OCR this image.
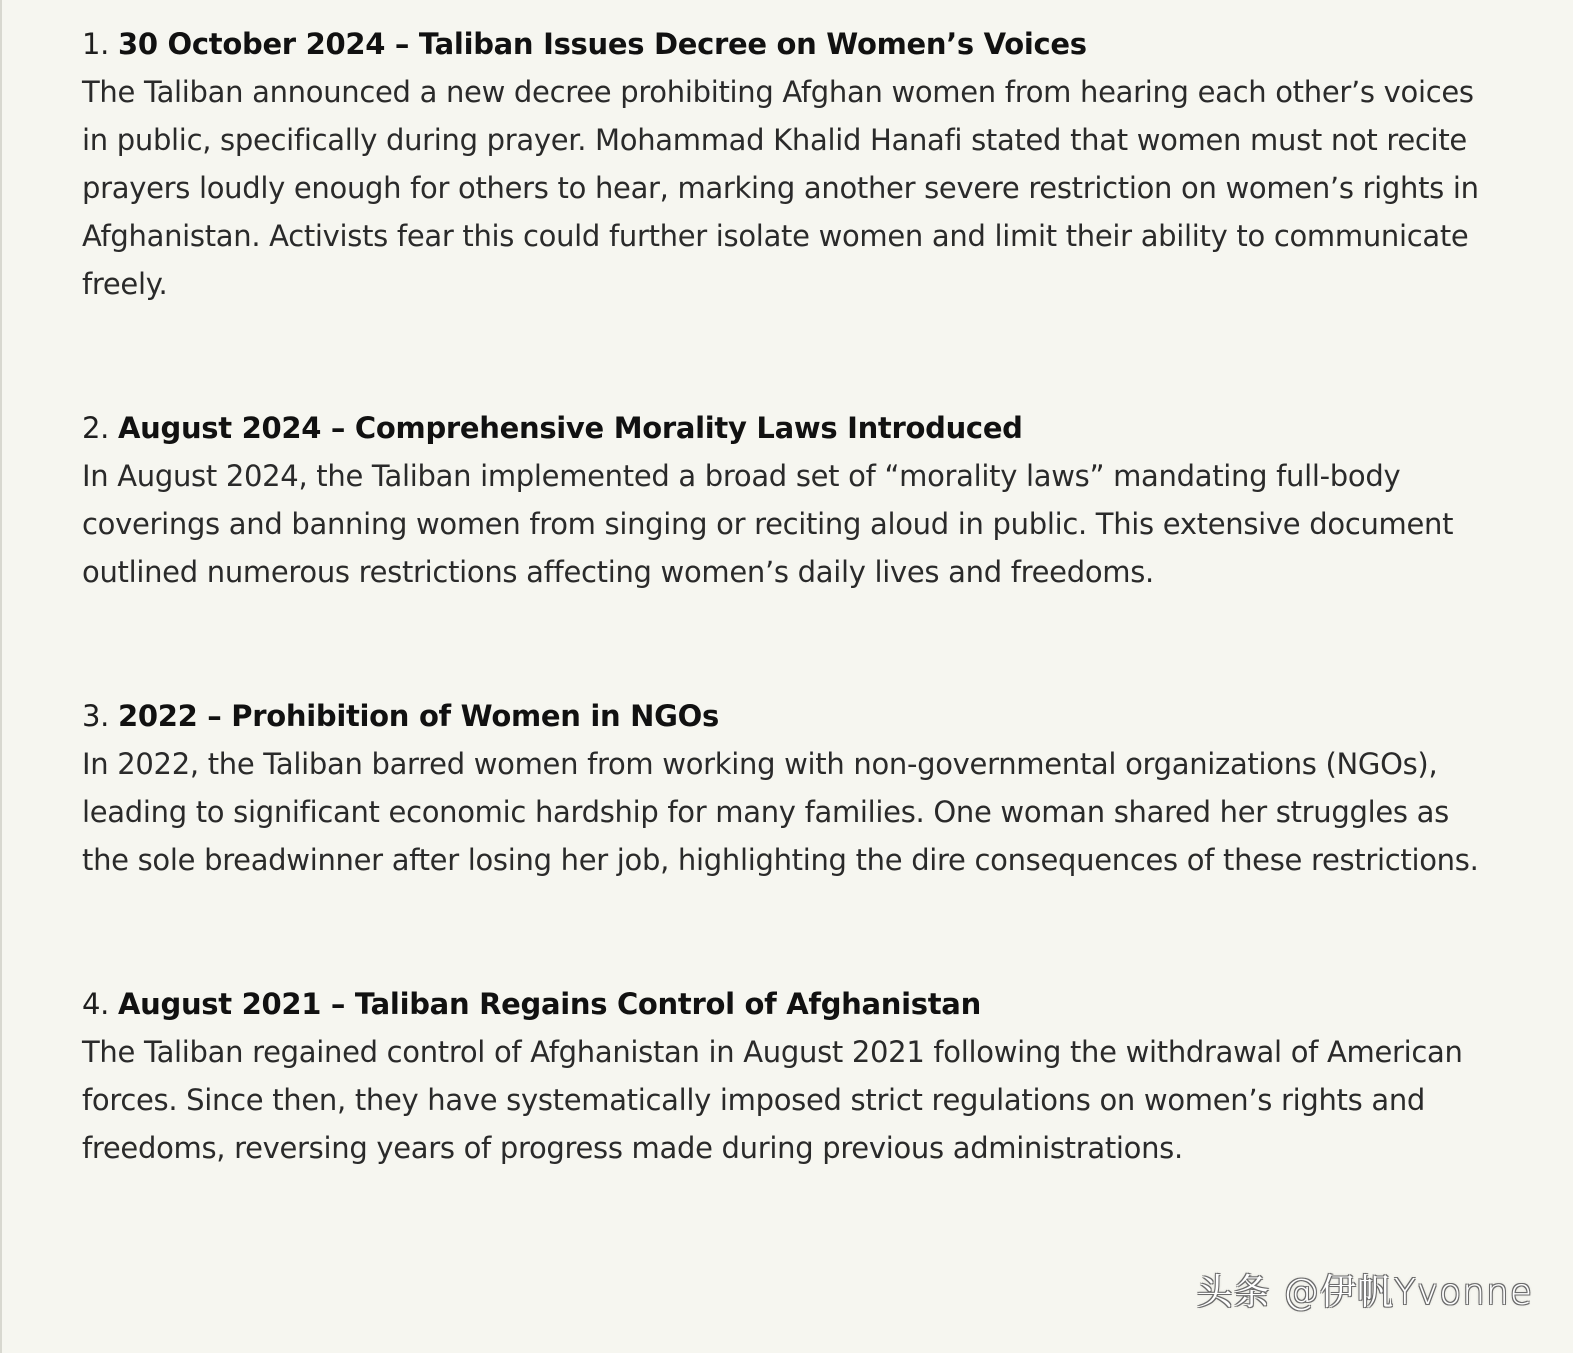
1. 30 October 2024 – Taliban Issues Decree on Women’s Voices
The Taliban announced a new decree prohibiting Afghan women from hearing each other’s voices in public, specifically during prayer. Mohammad Khalid Hanafi stated that women must not recite prayers loudly enough for others to hear, marking another severe restriction on women’s rights in Afghanistan. Activists fear this could further isolate women and limit their ability to communicate freely.

2. August 2024 – Comprehensive Morality Laws Introduced
In August 2024, the Taliban implemented a broad set of “morality laws” mandating full-body coverings and banning women from singing or reciting aloud in public. This extensive document outlined numerous restrictions affecting women’s daily lives and freedoms.

3. 2022 – Prohibition of Women in NGOs
In 2022, the Taliban barred women from working with non-governmental organizations (NGOs), leading to significant economic hardship for many families. One woman shared her struggles as the sole breadwinner after losing her job, highlighting the dire consequences of these restrictions.

4. August 2021 – Taliban Regains Control of Afghanistan
The Taliban regained control of Afghanistan in August 2021 following the withdrawal of American forces. Since then, they have systematically imposed strict regulations on women’s rights and freedoms, reversing years of progress made during previous administrations.

头条 @伊帆Yvonne
